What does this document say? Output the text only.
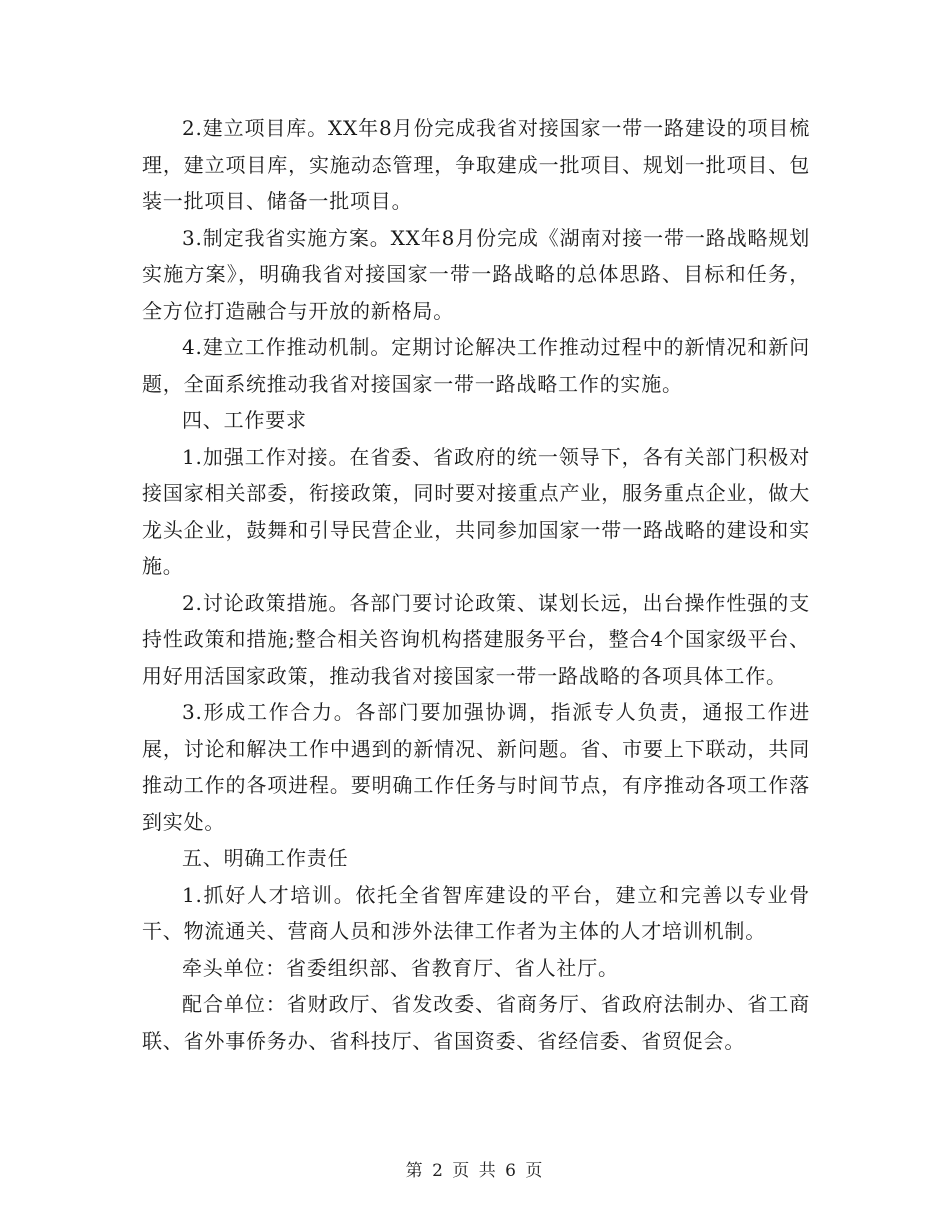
2.建立项目库。XX年8月份完成我省对接国家一带一路建设的项目梳理，建立项目库，实施动态管理，争取建成一批项目、规划一批项目、包装一批项目、储备一批项目。

3.制定我省实施方案。XX年8月份完成《湖南对接一带一路战略规划实施方案》，明确我省对接国家一带一路战略的总体思路、目标和任务，全方位打造融合与开放的新格局。

4.建立工作推动机制。定期讨论解决工作推动过程中的新情况和新问题，全面系统推动我省对接国家一带一路战略工作的实施。

四、工作要求

1.加强工作对接。在省委、省政府的统一领导下，各有关部门积极对接国家相关部委，衔接政策，同时要对接重点产业，服务重点企业，做大龙头企业，鼓舞和引导民营企业，共同参加国家一带一路战略的建设和实施。

2.讨论政策措施。各部门要讨论政策、谋划长远，出台操作性强的支持性政策和措施;整合相关咨询机构搭建服务平台，整合4个国家级平台、用好用活国家政策，推动我省对接国家一带一路战略的各项具体工作。

3.形成工作合力。各部门要加强协调，指派专人负责，通报工作进展，讨论和解决工作中遇到的新情况、新问题。省、市要上下联动，共同推动工作的各项进程。要明确工作任务与时间节点，有序推动各项工作落到实处。

五、明确工作责任

1.抓好人才培训。依托全省智库建设的平台，建立和完善以专业骨干、物流通关、营商人员和涉外法律工作者为主体的人才培训机制。

牵头单位：省委组织部、省教育厅、省人社厅。

配合单位：省财政厅、省发改委、省商务厅、省政府法制办、省工商联、省外事侨务办、省科技厅、省国资委、省经信委、省贸促会。

第 2 页 共 6 页
